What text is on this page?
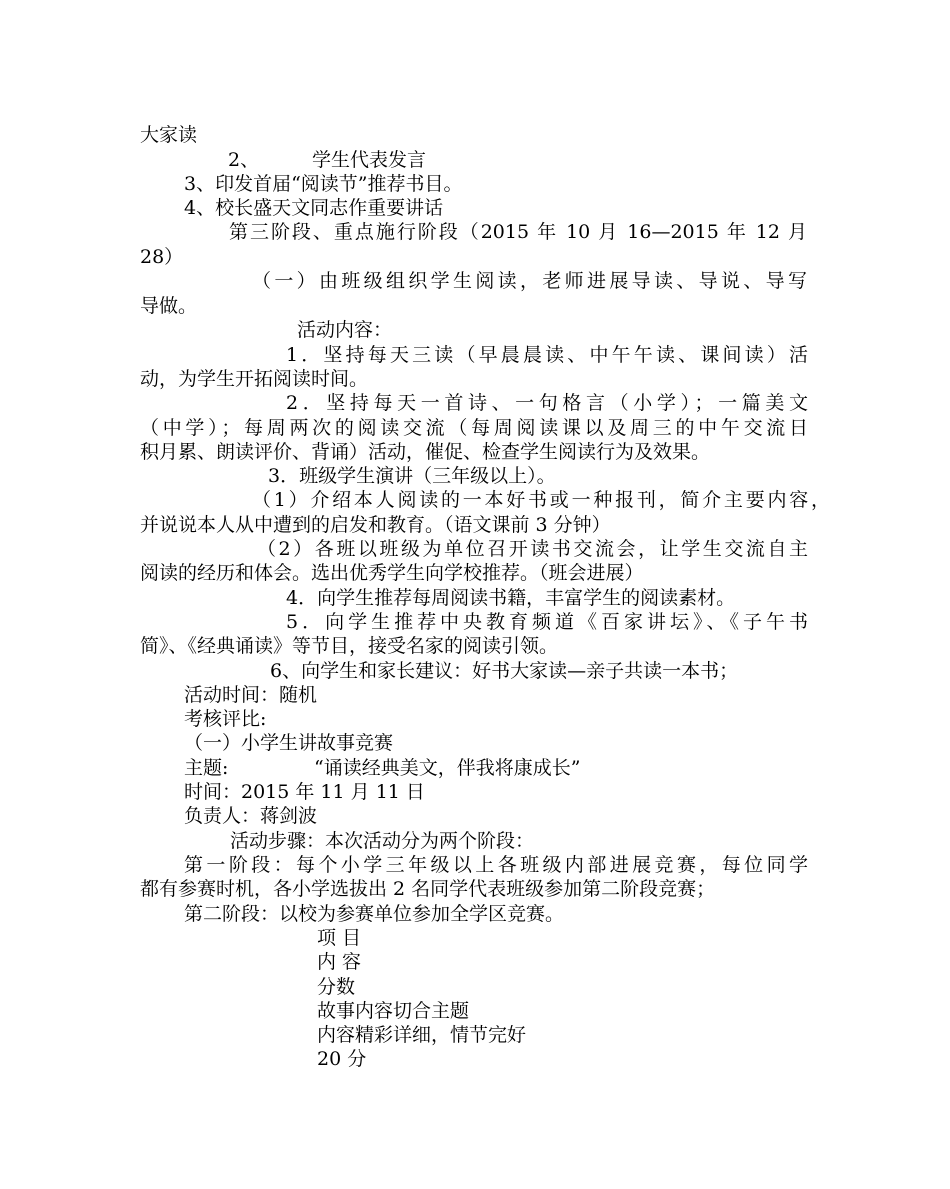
大家读

2、	学生代表发言

3、印发首届“阅读节”推荐书目。

4、校长盛天文同志作重要讲话

第三阶段、重点施行阶段（2015 年 10 月 16—2015 年 12 月

28）

（一）由班级组织学生阅读，老师进展导读、导说、导写

导做。

活动内容：

1．坚持每天三读（早晨晨读、中午午读、课间读）活

动，为学生开拓阅读时间。

2．坚持每天一首诗、一句格言（小学）；一篇美文

（中学）；每周两次的阅读交流（每周阅读课以及周三的中午交流日

积月累、朗读评价、背诵）活动，催促、检查学生阅读行为及效果。

3．班级学生演讲（三年级以上）。

（1）介绍本人阅读的一本好书或一种报刊，简介主要内容，

并说说本人从中遭到的启发和教育。（语文课前 3 分钟）

（2）各班以班级为单位召开读书交流会，让学生交流自主

阅读的经历和体会。选出优秀学生向学校推荐。（班会进展）

4．向学生推荐每周阅读书籍，丰富学生的阅读素材。

5．向学生推荐中央教育频道《百家讲坛》、《子午书

简》、《经典诵读》等节目，接受名家的阅读引领。

6、向学生和家长建议：好书大家读—亲子共读一本书；

活动时间：随机

考核评比:

（一）小学生讲故事竞赛

主题:	“诵读经典美文，伴我将康成长”

时间：2015 年 11 月 11 日

负责人：蒋剑波

活动步骤：本次活动分为两个阶段：

第一阶段：每个小学三年级以上各班级内部进展竞赛，每位同学

都有参赛时机，各小学选拔出 2 名同学代表班级参加第二阶段竞赛；

第二阶段：以校为参赛单位参加全学区竞赛。

项 目

内 容

分数

故事内容切合主题

内容精彩详细，情节完好

20 分
